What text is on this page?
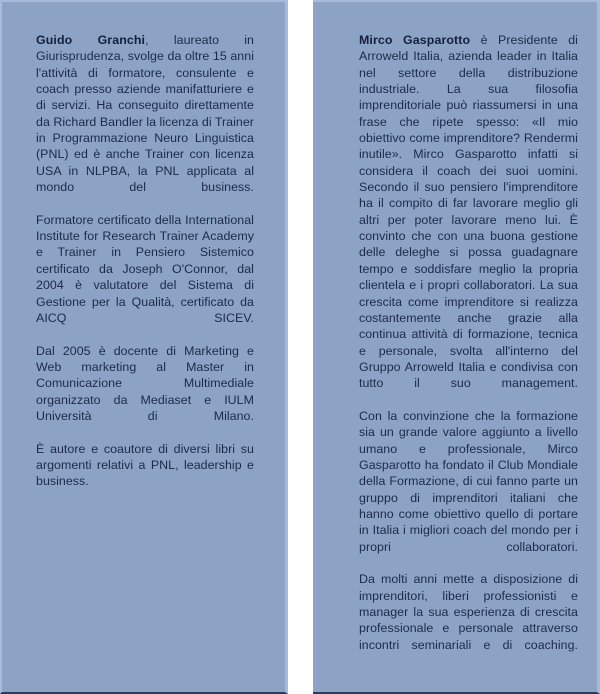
Guido Granchi, laureato in Giurisprudenza, svolge da oltre 15 anni l'attività di formatore, consulente e coach presso aziende manifatturiere e di servizi. Ha conseguito direttamente da Richard Bandler la licenza di Trainer in Programmazione Neuro Linguistica (PNL) ed è anche Trainer con licenza USA in NLPBA, la PNL applicata al mondo del business.

Formatore certificato della International Institute for Research Trainer Academy e Trainer in Pensiero Sistemico certificato da Joseph O'Connor, dal 2004 è valutatore del Sistema di Gestione per la Qualità, certificato da AICQ SICEV.

Dal 2005 è docente di Marketing e Web marketing al Master in Comunicazione Multimediale organizzato da Mediaset e IULM Università di Milano.

È autore e coautore di diversi libri su argomenti relativi a PNL, leadership e business.

Mirco Gasparotto è Presidente di Arroweld Italia, azienda leader in Italia nel settore della distribuzione industriale. La sua filosofia imprenditoriale può riassumersi in una frase che ripete spesso: «Il mio obiettivo come imprenditore? Rendermi inutile». Mirco Gasparotto infatti si considera il coach dei suoi uomini. Secondo il suo pensiero l'imprenditore ha il compito di far lavorare meglio gli altri per poter lavorare meno lui. È convinto che con una buona gestione delle deleghe si possa guadagnare tempo e soddisfare meglio la propria clientela e i propri collaboratori. La sua crescita come imprenditore si realizza costantemente anche grazie alla continua attività di formazione, tecnica e personale, svolta all'interno del Gruppo Arroweld Italia e condivisa con tutto il suo management.

Con la convinzione che la formazione sia un grande valore aggiunto a livello umano e professionale, Mirco Gasparotto ha fondato il Club Mondiale della Formazione, di cui fanno parte un gruppo di imprenditori italiani che hanno come obiettivo quello di portare in Italia i migliori coach del mondo per i propri collaboratori.

Da molti anni mette a disposizione di imprenditori, liberi professionisti e manager la sua esperienza di crescita professionale e personale attraverso incontri seminariali e di coaching.
